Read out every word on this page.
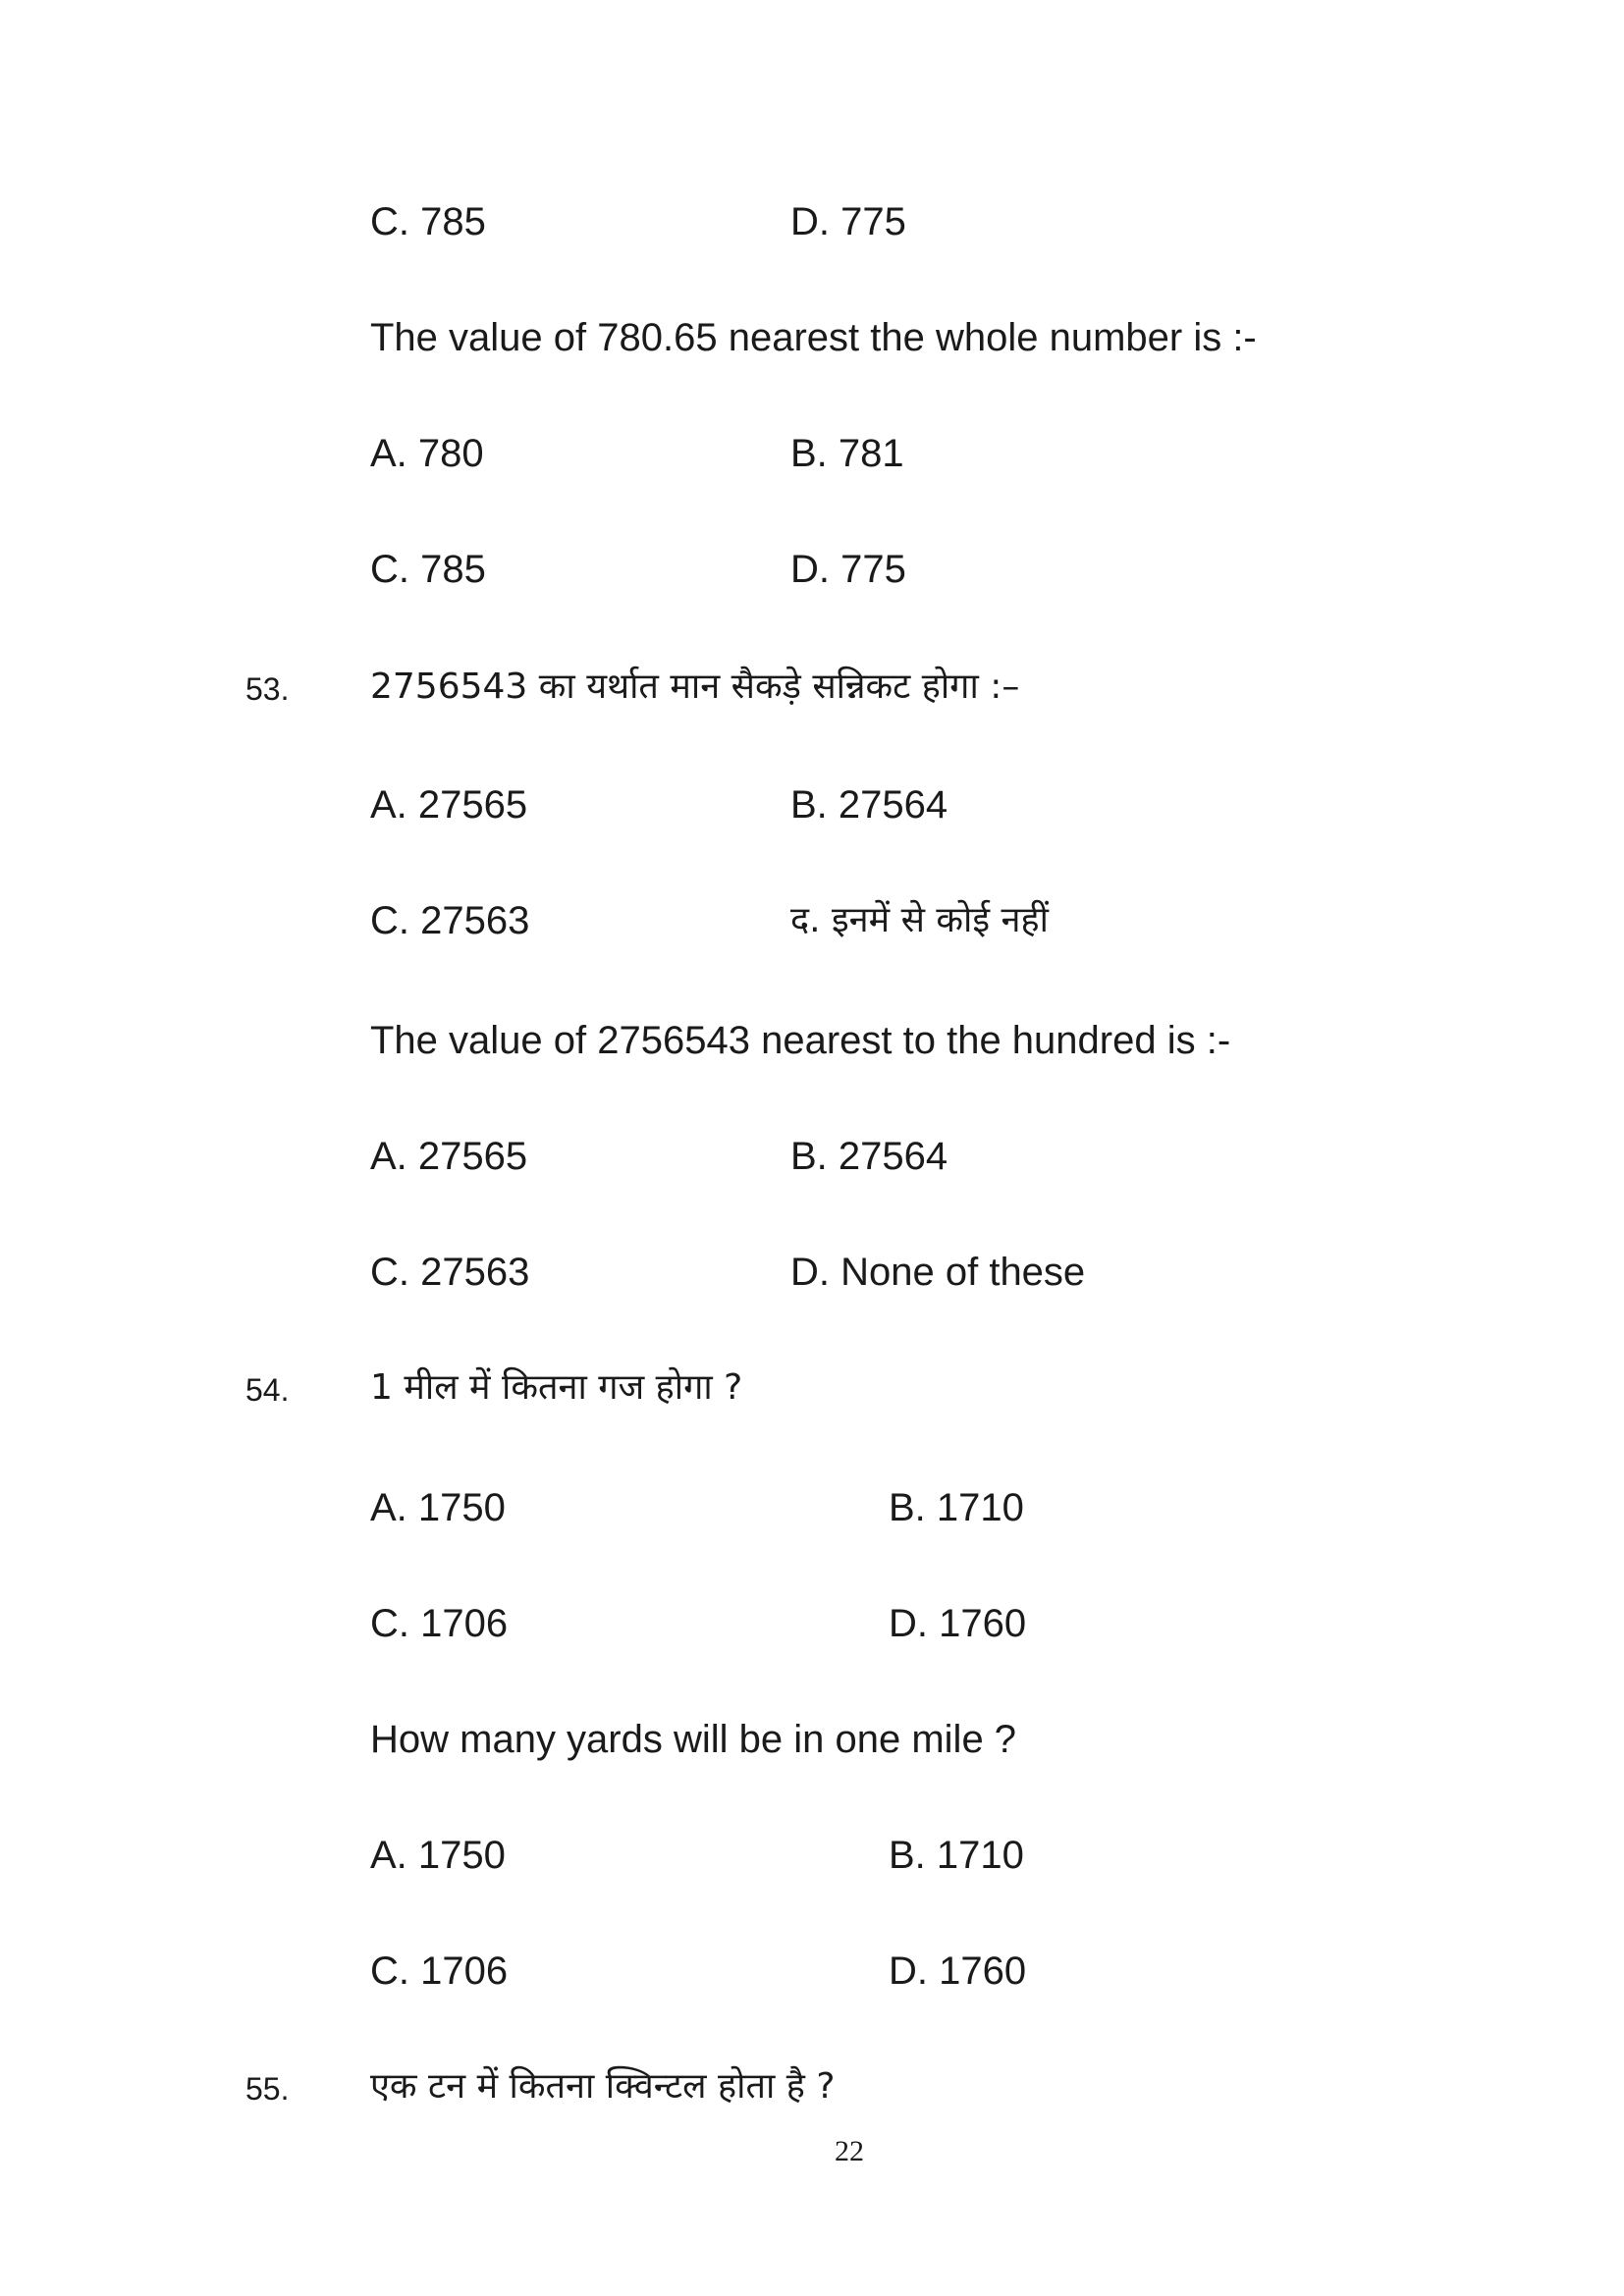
C. 785	D. 775
The value of 780.65 nearest the whole number is :-
A. 780	B. 781
C. 785	D. 775
53. 2756543 का यर्थात मान सैकड़े सन्निकट होगा :–
A. 27565	B. 27564
C. 27563	द. इनमें से कोई नहीं
The value of 2756543 nearest to the hundred is :-
A. 27565	B. 27564
C. 27563	D. None of these
54. 1 मील में कितना गज होगा ?
A. 1750	B. 1710
C. 1706	D. 1760
How many yards will be in one mile ?
A. 1750	B. 1710
C. 1706	D. 1760
55. एक टन में कितना क्विन्टल होता है ?
22
